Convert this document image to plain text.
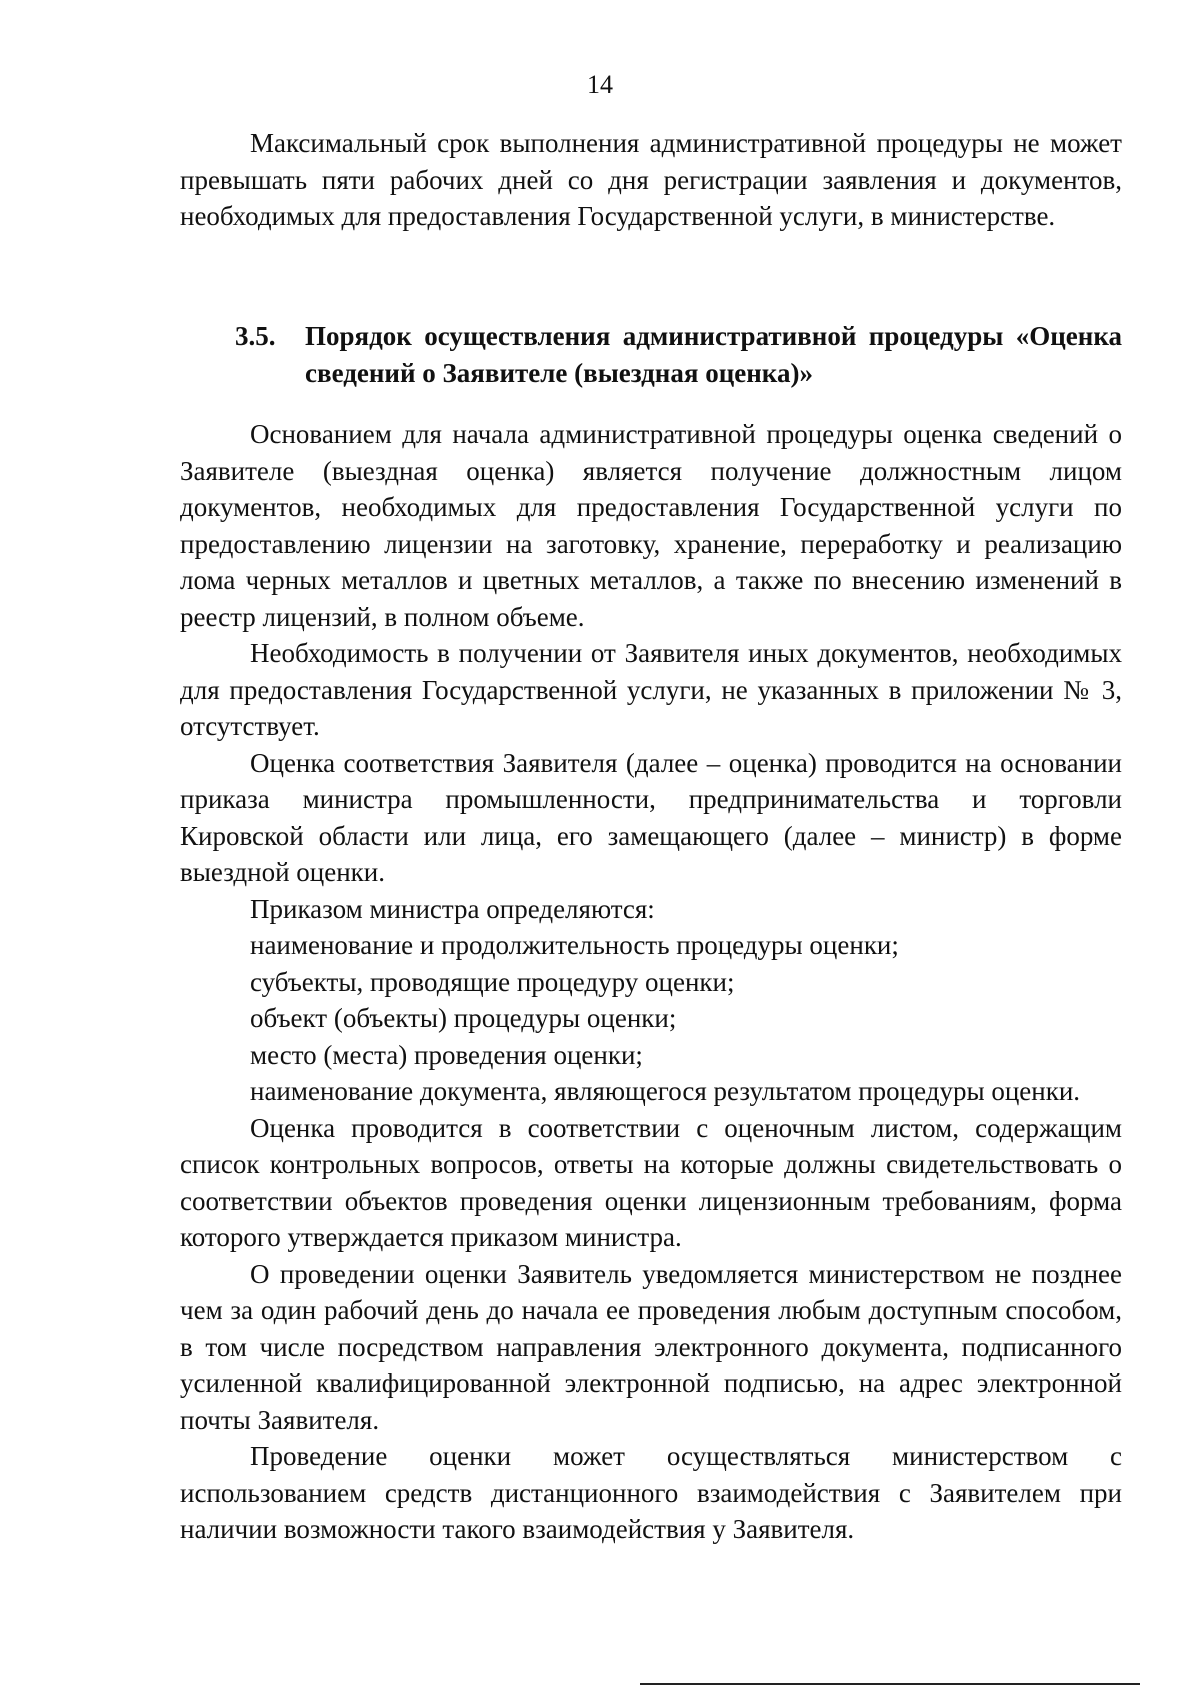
14

Максимальный срок выполнения административной процедуры не может превышать пяти рабочих дней со дня регистрации заявления и документов, необходимых для предоставления Государственной услуги, в министерстве.

3.5. Порядок осуществления административной процедуры «Оценка сведений о Заявителе (выездная оценка)»

Основанием для начала административной процедуры оценка сведений о Заявителе (выездная оценка) является получение должностным лицом документов, необходимых для предоставления Государственной услуги по предоставлению лицензии на заготовку, хранение, переработку и реализацию лома черных металлов и цветных металлов, а также по внесению изменений в реестр лицензий, в полном объеме.

Необходимость в получении от Заявителя иных документов, необходимых для предоставления Государственной услуги, не указанных в приложении № 3, отсутствует.

Оценка соответствия Заявителя (далее – оценка) проводится на основании приказа министра промышленности, предпринимательства и торговли Кировской области или лица, его замещающего (далее – министр) в форме выездной оценки.

Приказом министра определяются:

наименование и продолжительность процедуры оценки;

субъекты, проводящие процедуру оценки;

объект (объекты) процедуры оценки;

место (места) проведения оценки;

наименование документа, являющегося результатом процедуры оценки.

Оценка проводится в соответствии с оценочным листом, содержащим список контрольных вопросов, ответы на которые должны свидетельствовать о соответствии объектов проведения оценки лицензионным требованиям, форма которого утверждается приказом министра.

О проведении оценки Заявитель уведомляется министерством не позднее чем за один рабочий день до начала ее проведения любым доступным способом, в том числе посредством направления электронного документа, подписанного усиленной квалифицированной электронной подписью, на адрес электронной почты Заявителя.

Проведение оценки может осуществляться министерством с использованием средств дистанционного взаимодействия с Заявителем при наличии возможности такого взаимодействия у Заявителя.
